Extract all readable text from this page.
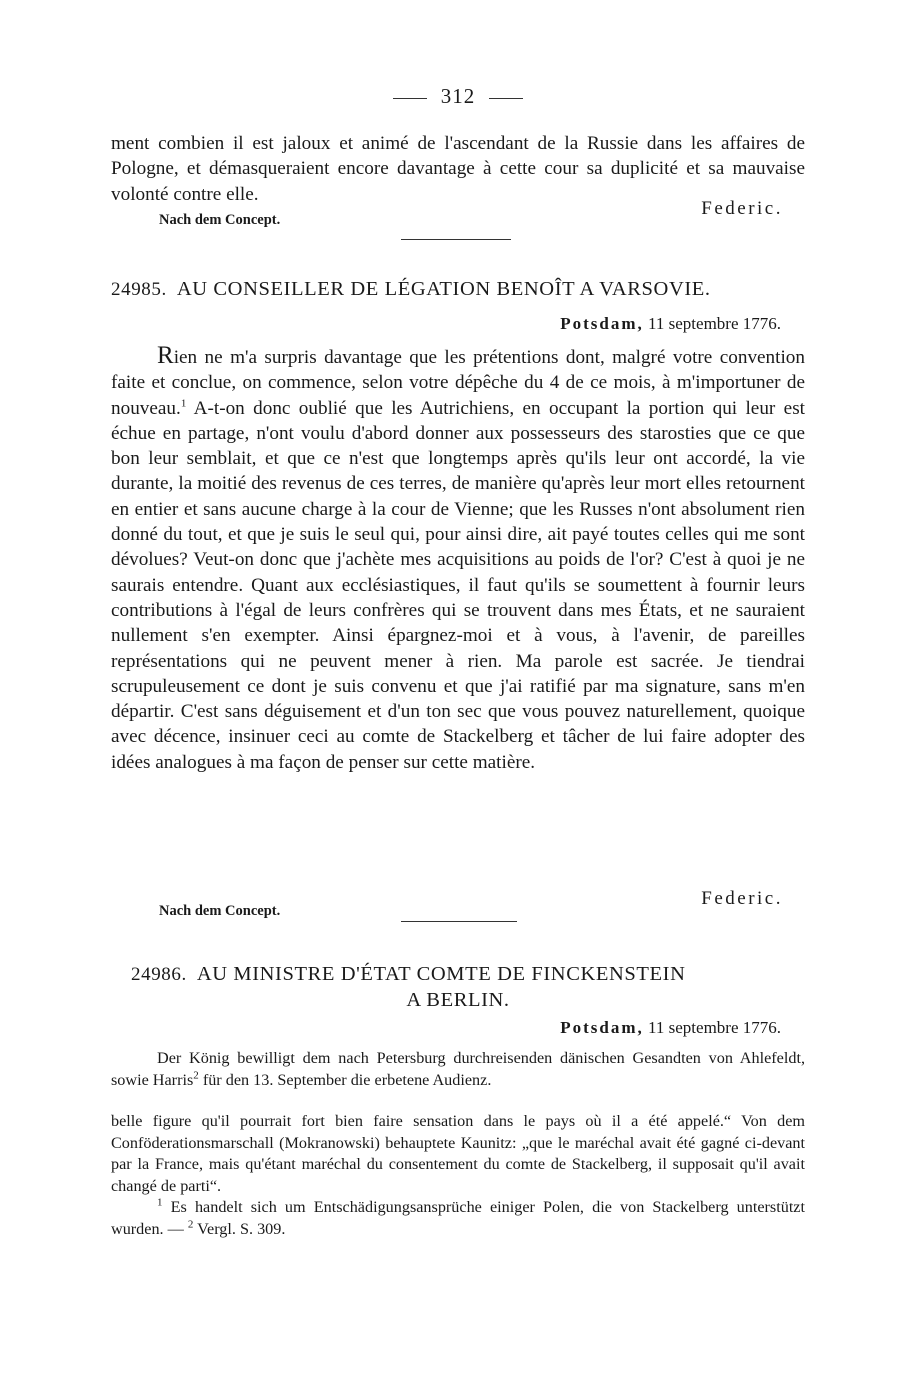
312

ment combien il est jaloux et animé de l'ascendant de la Russie dans les affaires de Pologne, et démasqueraient encore davantage à cette cour sa duplicité et sa mauvaise volonté contre elle.

Federic.
Nach dem Concept.
24985. AU CONSEILLER DE LÉGATION BENOÎT A VARSOVIE.
Potsdam, 11 septembre 1776.

Rien ne m'a surpris davantage que les prétentions dont, malgré votre convention faite et conclue, on commence, selon votre dépêche du 4 de ce mois, à m'importuner de nouveau.$^1$ A-t-on donc oublié que les Autrichiens, en occupant la portion qui leur est échue en partage, n'ont voulu d'abord donner aux possesseurs des starosties que ce que bon leur semblait, et que ce n'est que longtemps après qu'ils leur ont accordé, la vie durante, la moitié des revenus de ces terres, de manière qu'après leur mort elles retournent en entier et sans aucune charge à la cour de Vienne; que les Russes n'ont absolument rien donné du tout, et que je suis le seul qui, pour ainsi dire, ait payé toutes celles qui me sont dévolues? Veut-on donc que j'achète mes acquisitions au poids de l'or? C'est à quoi je ne saurais entendre. Quant aux ecclésiastiques, il faut qu'ils se soumettent à fournir leurs contributions à l'égal de leurs confrères qui se trouvent dans mes États, et ne sauraient nullement s'en exempter. Ainsi épargnez-moi et à vous, à l'avenir, de pareilles représentations qui ne peuvent mener à rien. Ma parole est sacrée. Je tiendrai scrupuleusement ce dont je suis convenu et que j'ai ratifié par ma signature, sans m'en départir. C'est sans déguisement et d'un ton sec que vous pouvez naturellement, quoique avec décence, insinuer ceci au comte de Stackelberg et tâcher de lui faire adopter des idées analogues à ma façon de penser sur cette matière.

Federic.
Nach dem Concept.
24986. AU MINISTRE D'ÉTAT COMTE DE FINCKENSTEIN
A BERLIN.
Potsdam, 11 septembre 1776.

Der König bewilligt dem nach Petersburg durchreisenden dänischen Gesandten von Ahlefeldt, sowie Harris$^2$ für den 13. September die erbetene Audienz.

belle figure qu'il pourrait fort bien faire sensation dans le pays où il a été appelé.“ Von dem Conföderationsmarschall (Mokranowski) behauptete Kaunitz: „que le maréchal avait été gagné ci-devant par la France, mais qu'étant maréchal du consentement du comte de Stackelberg, il supposait qu'il avait changé de parti“.

$^1$ Es handelt sich um Entschädigungsansprüche einiger Polen, die von Stackelberg unterstützt wurden. — $^2$ Vergl. S. 309.
